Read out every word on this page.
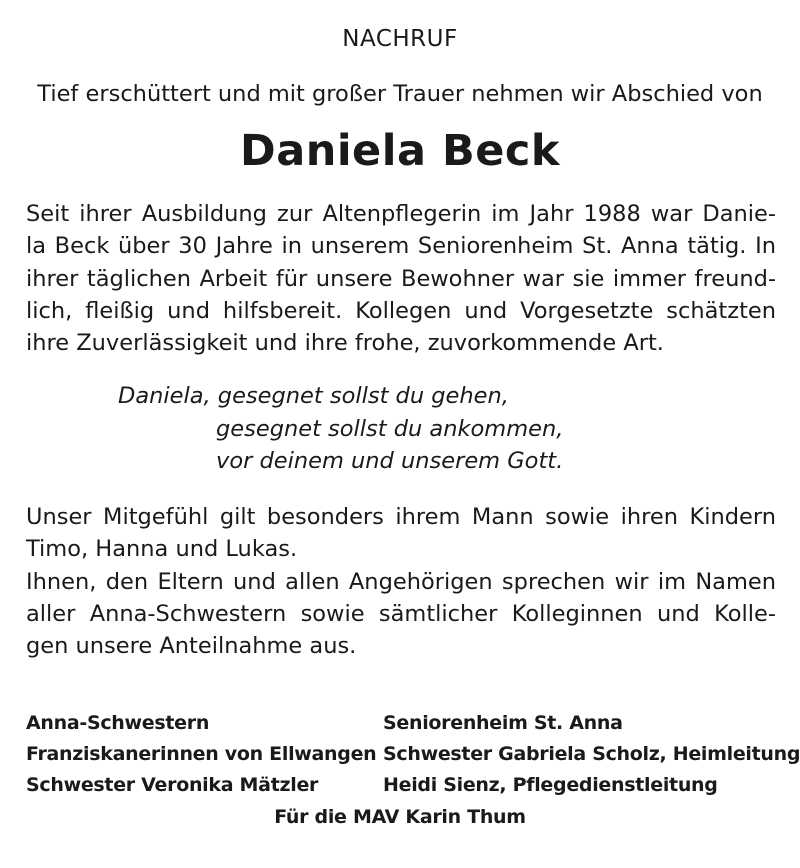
NACHRUF
Tief erschüttert und mit großer Trauer nehmen wir Abschied von
Daniela Beck
Seit ihrer Ausbildung zur Altenpflegerin im Jahr 1988 war Danie-
la Beck über 30 Jahre in unserem Seniorenheim St. Anna tätig. In
ihrer täglichen Arbeit für unsere Bewohner war sie immer freund-
lich, fleißig und hilfsbereit. Kollegen und Vorgesetzte schätzten
ihre Zuverlässigkeit und ihre frohe, zuvorkommende Art.
Daniela, gesegnet sollst du gehen,
gesegnet sollst du ankommen,
vor deinem und unserem Gott.
Unser Mitgefühl gilt besonders ihrem Mann sowie ihren Kindern
Timo, Hanna und Lukas.
Ihnen, den Eltern und allen Angehörigen sprechen wir im Namen
aller Anna-Schwestern sowie sämtlicher Kolleginnen und Kolle-
gen unsere Anteilnahme aus.
Anna-Schwestern
Franziskanerinnen von Ellwangen
Schwester Veronika Mätzler
Seniorenheim St. Anna
Schwester Gabriela Scholz, Heimleitung
Heidi Sienz, Pflegedienstleitung
Für die MAV Karin Thum
